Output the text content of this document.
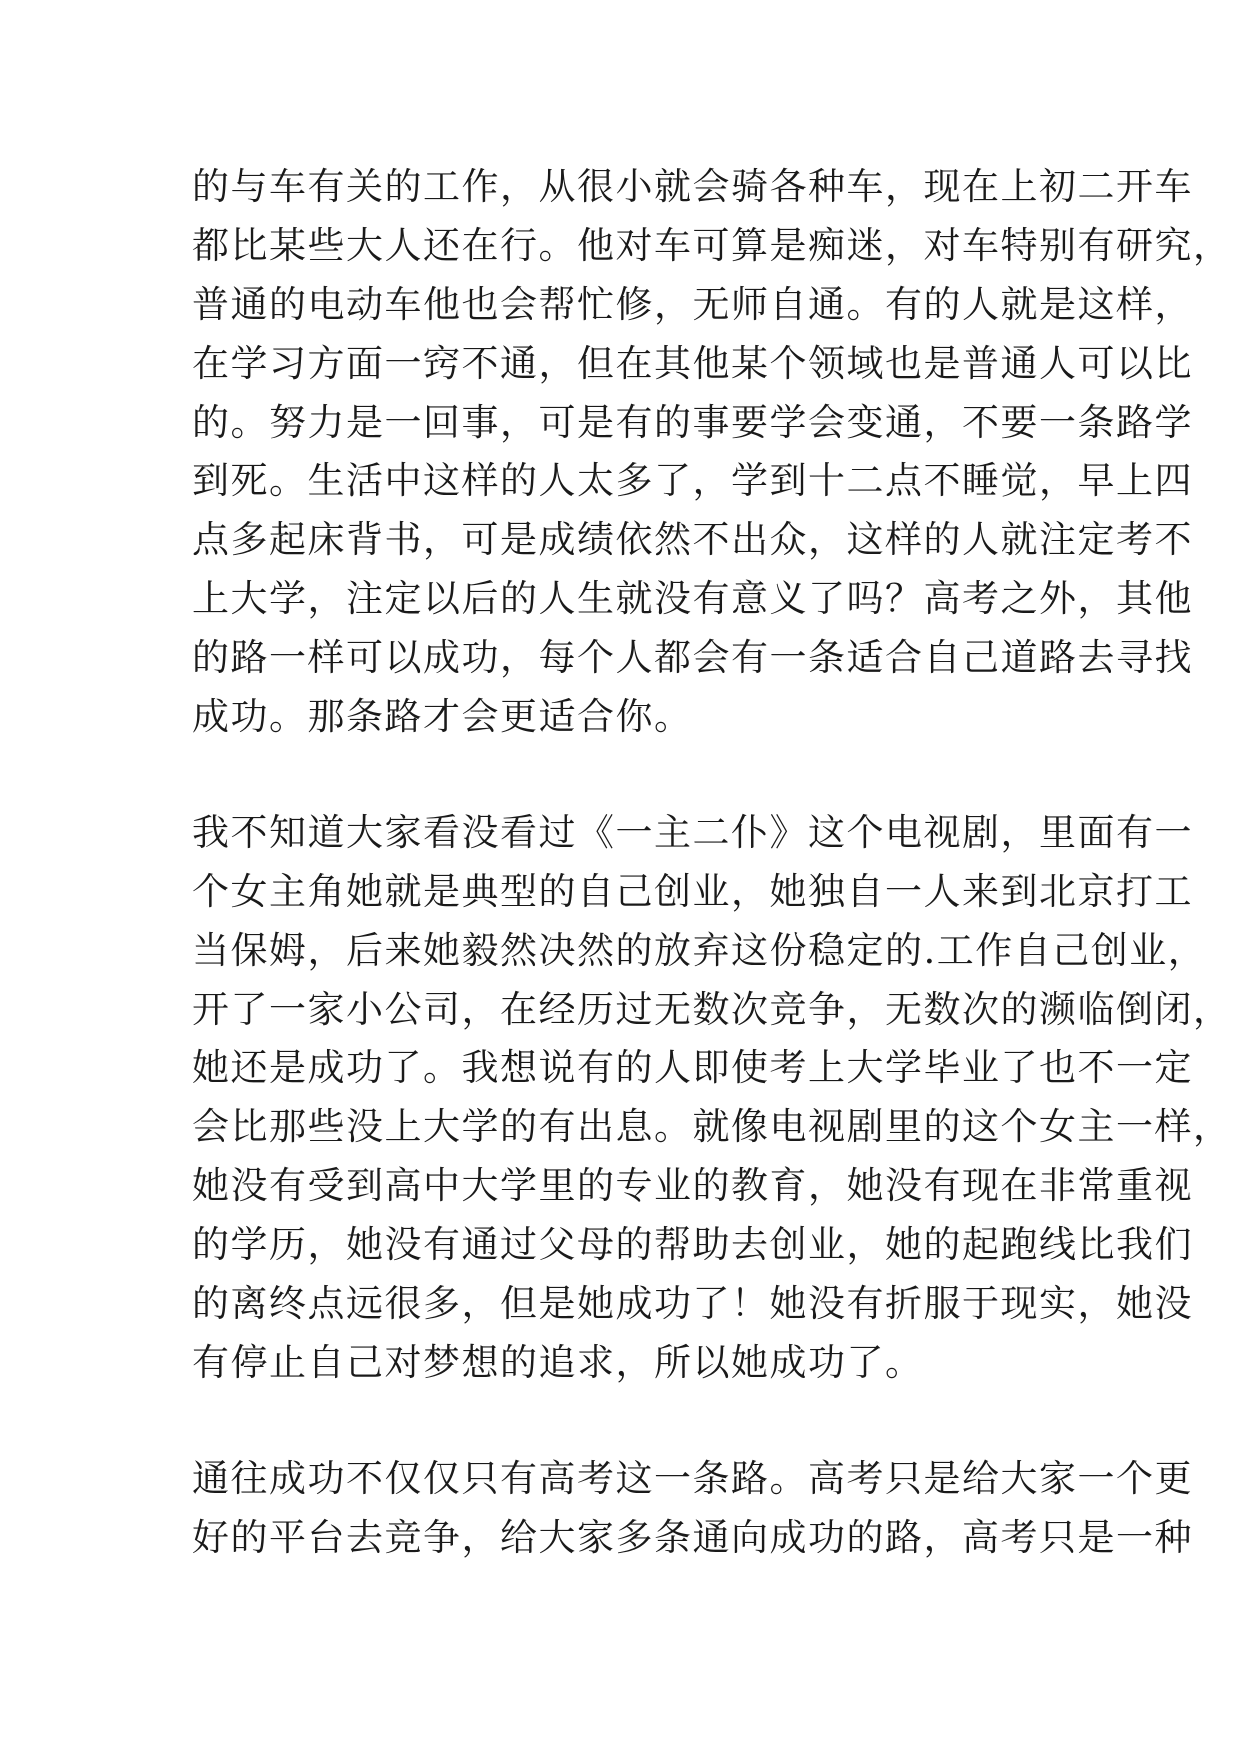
的与车有关的工作，从很小就会骑各种车，现在上初二开车
都比某些大人还在行。他对车可算是痴迷，对车特别有研究，
普通的电动车他也会帮忙修，无师自通。有的人就是这样，
在学习方面一窍不通，但在其他某个领域也是普通人可以比
的。努力是一回事，可是有的事要学会变通，不要一条路学
到死。生活中这样的人太多了，学到十二点不睡觉，早上四
点多起床背书，可是成绩依然不出众，这样的人就注定考不
上大学，注定以后的人生就没有意义了吗？高考之外，其他
的路一样可以成功，每个人都会有一条适合自己道路去寻找
成功。那条路才会更适合你。
我不知道大家看没看过《一主二仆》这个电视剧，里面有一
个女主角她就是典型的自己创业，她独自一人来到北京打工
当保姆，后来她毅然决然的放弃这份稳定的.工作自己创业，
开了一家小公司，在经历过无数次竞争，无数次的濒临倒闭，
她还是成功了。我想说有的人即使考上大学毕业了也不一定
会比那些没上大学的有出息。就像电视剧里的这个女主一样，
她没有受到高中大学里的专业的教育，她没有现在非常重视
的学历，她没有通过父母的帮助去创业，她的起跑线比我们
的离终点远很多，但是她成功了！她没有折服于现实，她没
有停止自己对梦想的追求，所以她成功了。
通往成功不仅仅只有高考这一条路。高考只是给大家一个更
好的平台去竞争，给大家多条通向成功的路，高考只是一种
